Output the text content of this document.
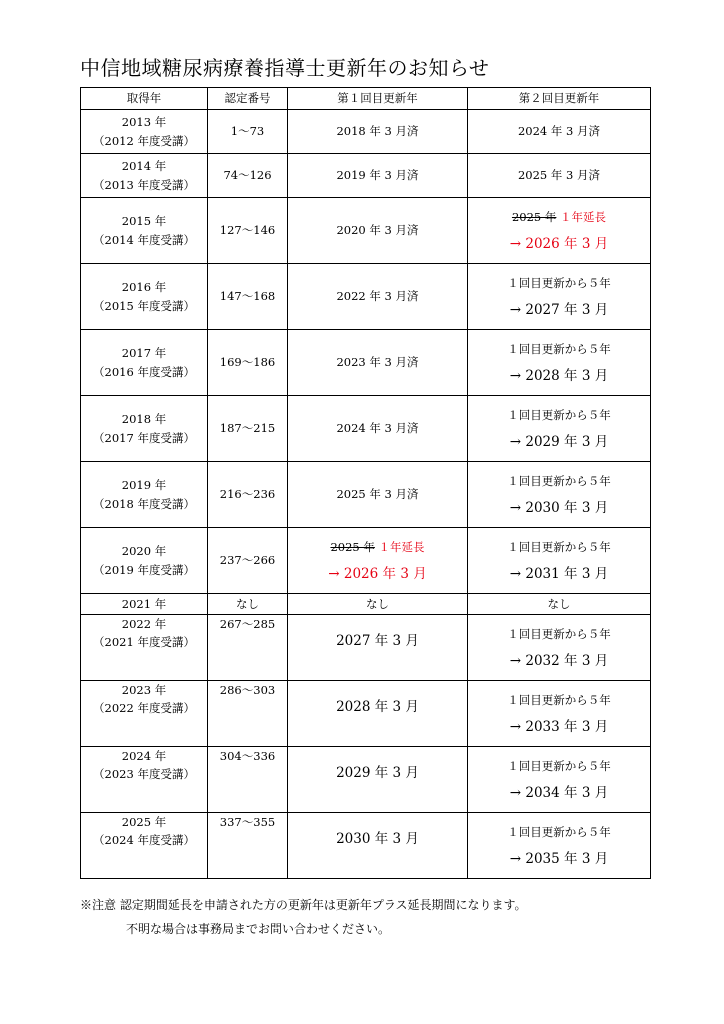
中信地域糖尿病療養指導士更新年のお知らせ
取得年	認定番号	第１回目更新年	第２回目更新年

2013 年
（2012 年度受講）	1～73	2018 年 3 月済	2024 年 3 月済

2014 年
（2013 年度受講）	74～126	2019 年 3 月済	2025 年 3 月済

2015 年
（2014 年度受講）	127～146	2020 年 3 月済	2025 年 １年延長
→ 2026 年 3 月

2016 年
（2015 年度受講）	147～168	2022 年 3 月済	１回目更新から５年
→ 2027 年 3 月

2017 年
（2016 年度受講）	169～186	2023 年 3 月済	１回目更新から５年
→ 2028 年 3 月

2018 年
（2017 年度受講）	187～215	2024 年 3 月済	１回目更新から５年
→ 2029 年 3 月

2019 年
（2018 年度受講）	216～236	2025 年 3 月済	１回目更新から５年
→ 2030 年 3 月

2020 年
（2019 年度受講）	237～266	2025 年 １年延長
→ 2026 年 3 月	１回目更新から５年
→ 2031 年 3 月

2021 年	なし	なし	なし

2022 年
（2021 年度受講）	267～285	2027 年 3 月	１回目更新から５年
→ 2032 年 3 月

2023 年
（2022 年度受講）	286～303	2028 年 3 月	１回目更新から５年
→ 2033 年 3 月

2024 年
（2023 年度受講）	304～336	2029 年 3 月	１回目更新から５年
→ 2034 年 3 月

2025 年
（2024 年度受講）	337～355	2030 年 3 月	１回目更新から５年
→ 2035 年 3 月
※注意 認定期間延長を申請された方の更新年は更新年プラス延長期間になります。
不明な場合は事務局までお問い合わせください。
